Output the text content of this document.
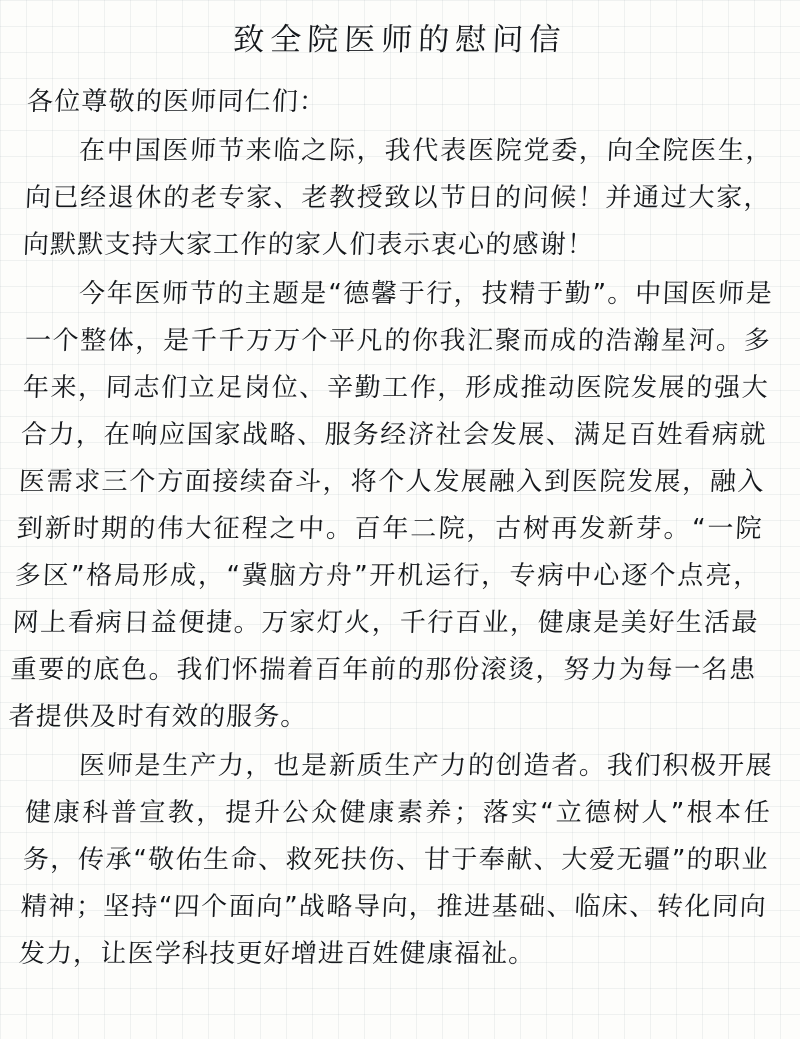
致全院医师的慰问信

各位尊敬的医师同仁们：

在中国医师节来临之际，我代表医院党委，向全院医生，向已经退休的老专家、老教授致以节日的问候！并通过大家，向默默支持大家工作的家人们表示衷心的感谢！

今年医师节的主题是“德馨于行，技精于勤”。中国医师是一个整体，是千千万万个平凡的你我汇聚而成的浩瀚星河。多年来，同志们立足岗位、辛勤工作，形成推动医院发展的强大合力，在响应国家战略、服务经济社会发展、满足百姓看病就医需求三个方面接续奋斗，将个人发展融入到医院发展，融入到新时期的伟大征程之中。百年二院，古树再发新芽。“一院多区”格局形成，“冀脑方舟”开机运行，专病中心逐个点亮，网上看病日益便捷。万家灯火，千行百业，健康是美好生活最重要的底色。我们怀揣着百年前的那份滚烫，努力为每一名患者提供及时有效的服务。

医师是生产力，也是新质生产力的创造者。我们积极开展健康科普宣教，提升公众健康素养；落实“立德树人”根本任务，传承“敬佑生命、救死扶伤、甘于奉献、大爱无疆”的职业精神；坚持“四个面向”战略导向，推进基础、临床、转化同向发力，让医学科技更好增进百姓健康福祉。
